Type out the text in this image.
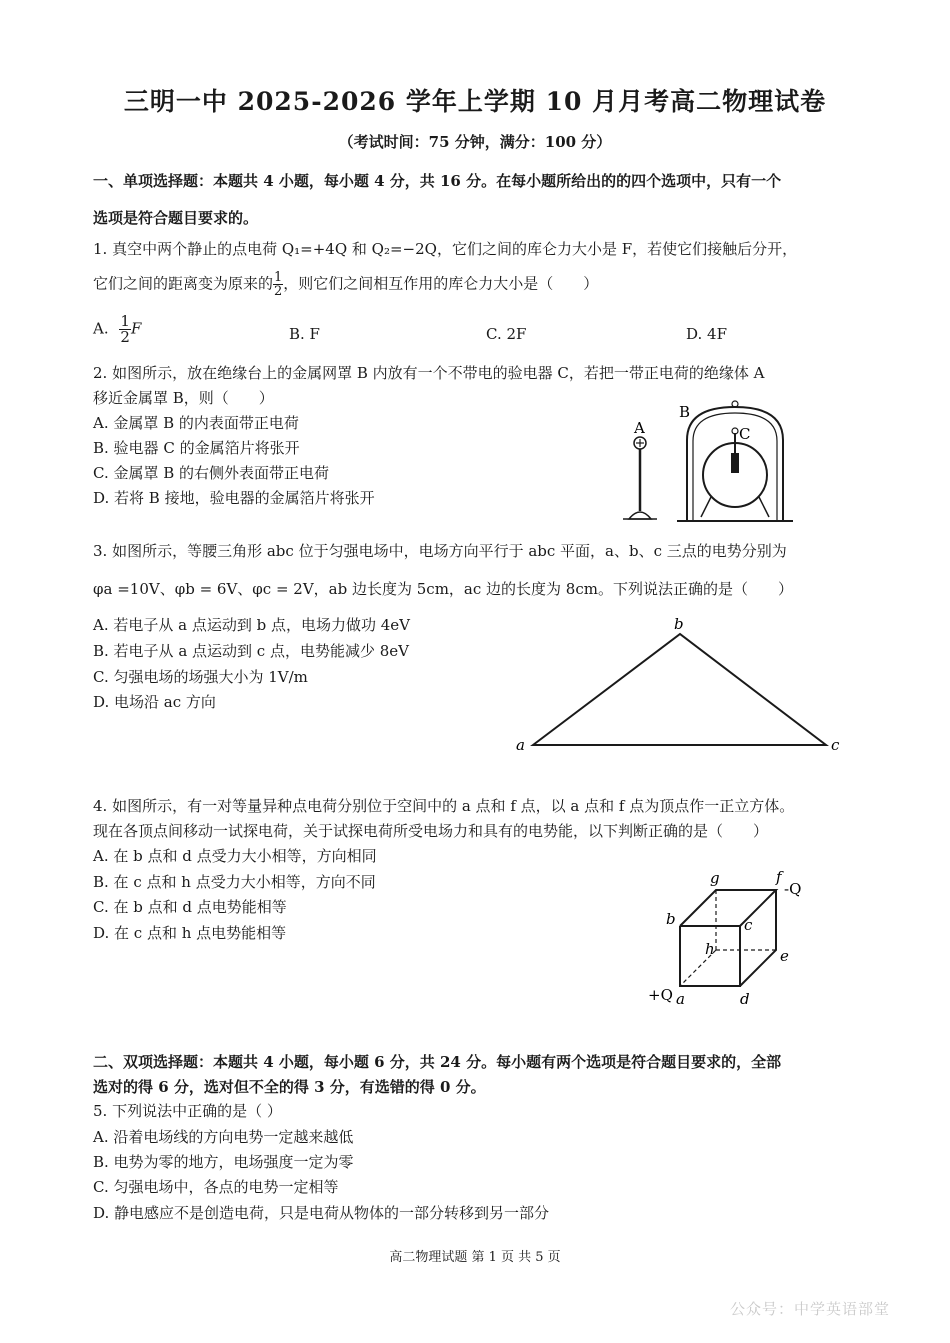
三明一中 2025-2026 学年上学期 10 月月考高二物理试卷
（考试时间：75 分钟，满分：100 分）
一、单项选择题：本题共 4 小题，每小题 4 分，共 16 分。在每小题所给出的的四个选项中，只有一个
选项是符合题目要求的。
1. 真空中两个静止的点电荷 Q₁=+4Q 和 Q₂=−2Q，它们之间的库仑力大小是 F，若使它们接触后分开，
它们之间的距离变为原来的 $\frac{1}{2}$ ，则它们之间相互作用的库仑力大小是（　　）
A. $\frac{1}{2}$ F	B. F	C. 2F	D. 4F
2. 如图所示，放在绝缘台上的金属网罩 B 内放有一个不带电的验电器 C，若把一带正电荷的绝缘体 A
移近金属罩 B，则（　　）
A. 金属罩 B 的内表面带正电荷
B. 验电器 C 的金属箔片将张开
C. 金属罩 B 的右侧外表面带正电荷
D. 若将 B 接地，验电器的金属箔片将张开
A
B
C
3. 如图所示，等腰三角形 abc 位于匀强电场中，电场方向平行于 abc 平面，a、b、c 三点的电势分别为
φa =10V、φb = 6V、φc = 2V，ab 边长度为 5cm，ac 边的长度为 8cm。下列说法正确的是（　　）
A. 若电子从 a 点运动到 b 点，电场力做功 4eV
B. 若电子从 a 点运动到 c 点，电势能减少 8eV
C. 匀强电场的场强大小为 1V/m
D. 电场沿 ac 方向
b
a	c
4. 如图所示，有一对等量异种点电荷分别位于空间中的 a 点和 f 点，以 a 点和 f 点为顶点作一正立方体。
现在各顶点间移动一试探电荷，关于试探电荷所受电场力和具有的电势能，以下判断正确的是（　　）
A. 在 b 点和 d 点受力大小相等，方向相同
B. 在 c 点和 h 点受力大小相等，方向不同
C. 在 b 点和 d 点电势能相等
D. 在 c 点和 h 点电势能相等
g	f
-Q
b	c
h	e
+Q a	d
二、双项选择题：本题共 4 小题，每小题 6 分，共 24 分。每小题有两个选项是符合题目要求的，全部
选对的得 6 分，选对但不全的得 3 分，有选错的得 0 分。
5. 下列说法中正确的是（ ）
A. 沿着电场线的方向电势一定越来越低
B. 电势为零的地方，电场强度一定为零
C. 匀强电场中，各点的电势一定相等
D. 静电感应不是创造电荷，只是电荷从物体的一部分转移到另一部分
高二物理试题 第 1 页 共 5 页
公众号：中学英语部堂
